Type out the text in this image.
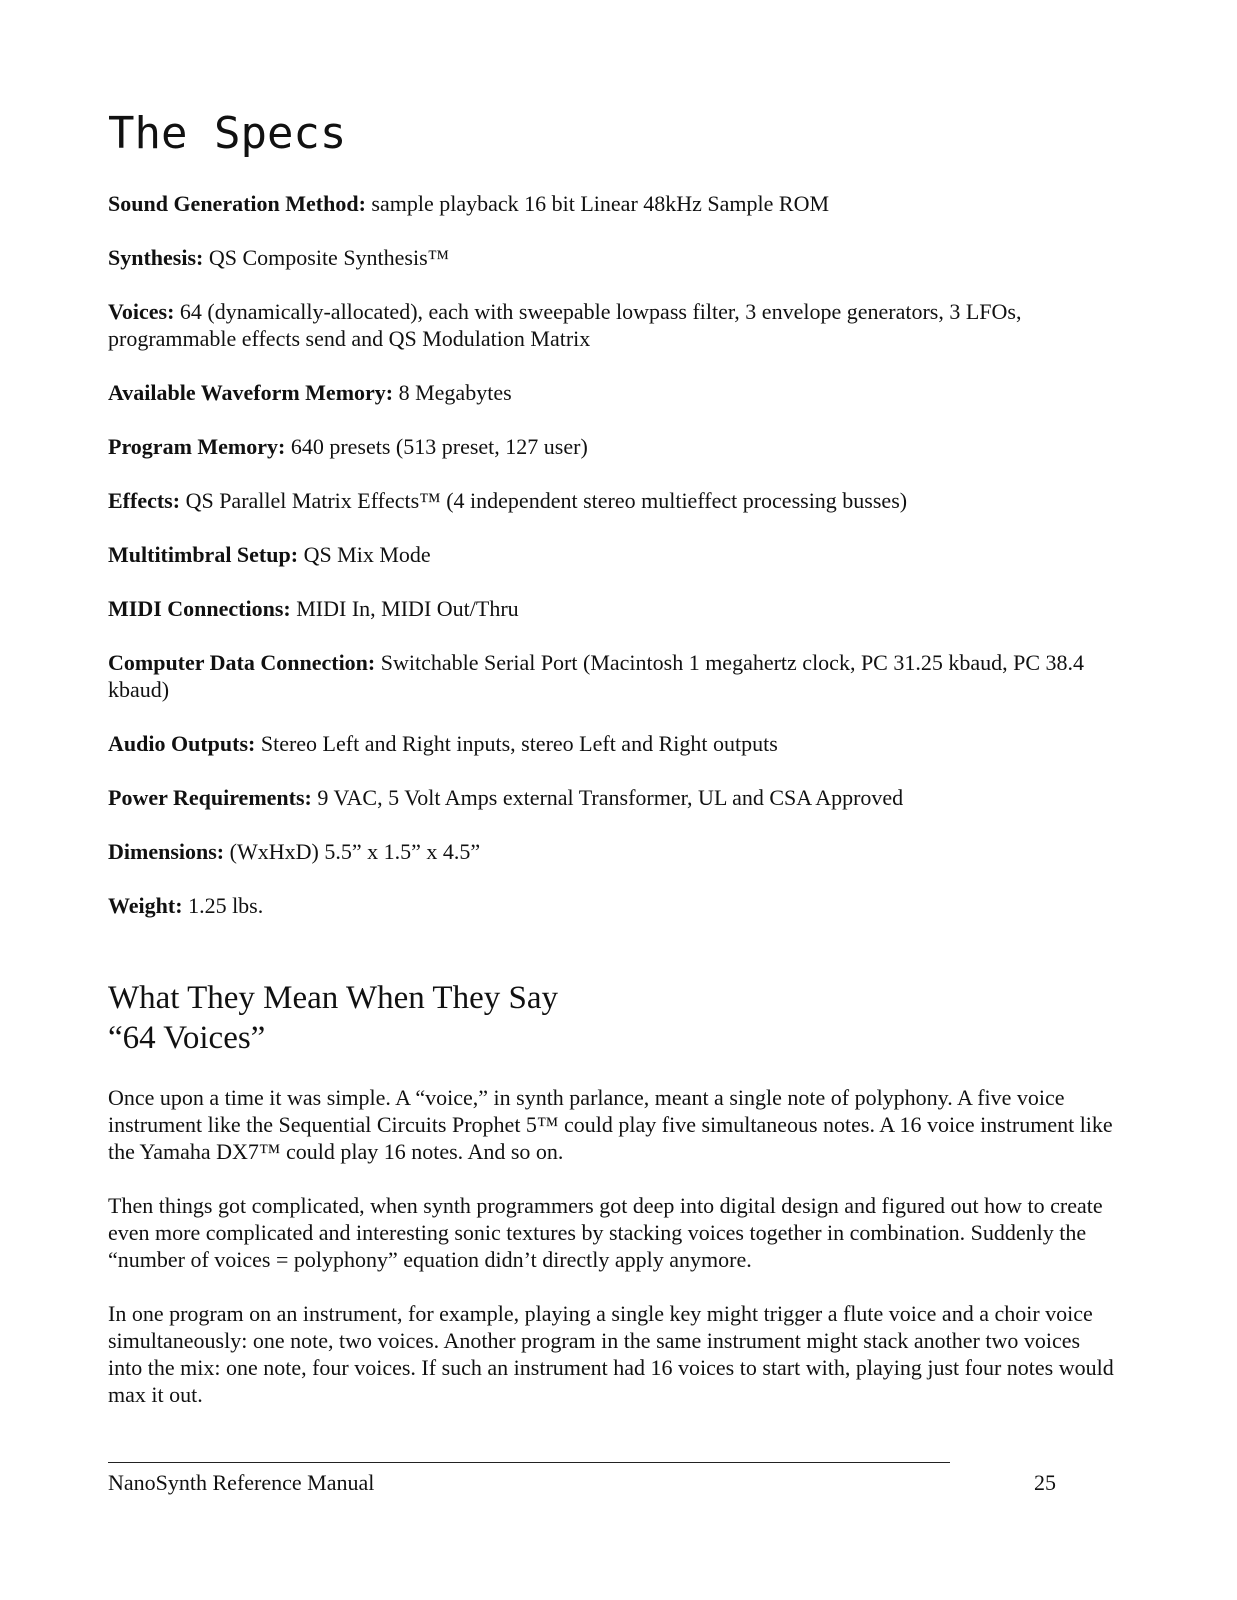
The Specs

Sound Generation Method: sample playback 16 bit Linear 48kHz Sample ROM

Synthesis: QS Composite Synthesis™

Voices: 64 (dynamically-allocated), each with sweepable lowpass filter, 3 envelope generators, 3 LFOs, programmable effects send and QS Modulation Matrix

Available Waveform Memory: 8 Megabytes

Program Memory: 640 presets (513 preset, 127 user)

Effects: QS Parallel Matrix Effects™ (4 independent stereo multieffect processing busses)

Multitimbral Setup: QS Mix Mode

MIDI Connections: MIDI In, MIDI Out/Thru

Computer Data Connection: Switchable Serial Port (Macintosh 1 megahertz clock, PC 31.25 kbaud, PC 38.4 kbaud)

Audio Outputs: Stereo Left and Right inputs, stereo Left and Right outputs

Power Requirements: 9 VAC, 5 Volt Amps external Transformer, UL and CSA Approved

Dimensions: (WxHxD) 5.5” x 1.5” x 4.5”

Weight: 1.25 lbs.

What They Mean When They Say
“64 Voices”

Once upon a time it was simple. A “voice,” in synth parlance, meant a single note of polyphony. A five voice instrument like the Sequential Circuits Prophet 5™ could play five simultaneous notes. A 16 voice instrument like the Yamaha DX7™ could play 16 notes. And so on.

Then things got complicated, when synth programmers got deep into digital design and figured out how to create even more complicated and interesting sonic textures by stacking voices together in combination. Suddenly the “number of voices = polyphony” equation didn’t directly apply anymore.

In one program on an instrument, for example, playing a single key might trigger a flute voice and a choir voice simultaneously: one note, two voices. Another program in the same instrument might stack another two voices into the mix: one note, four voices. If such an instrument had 16 voices to start with, playing just four notes would max it out.

NanoSynth Reference Manual	25
